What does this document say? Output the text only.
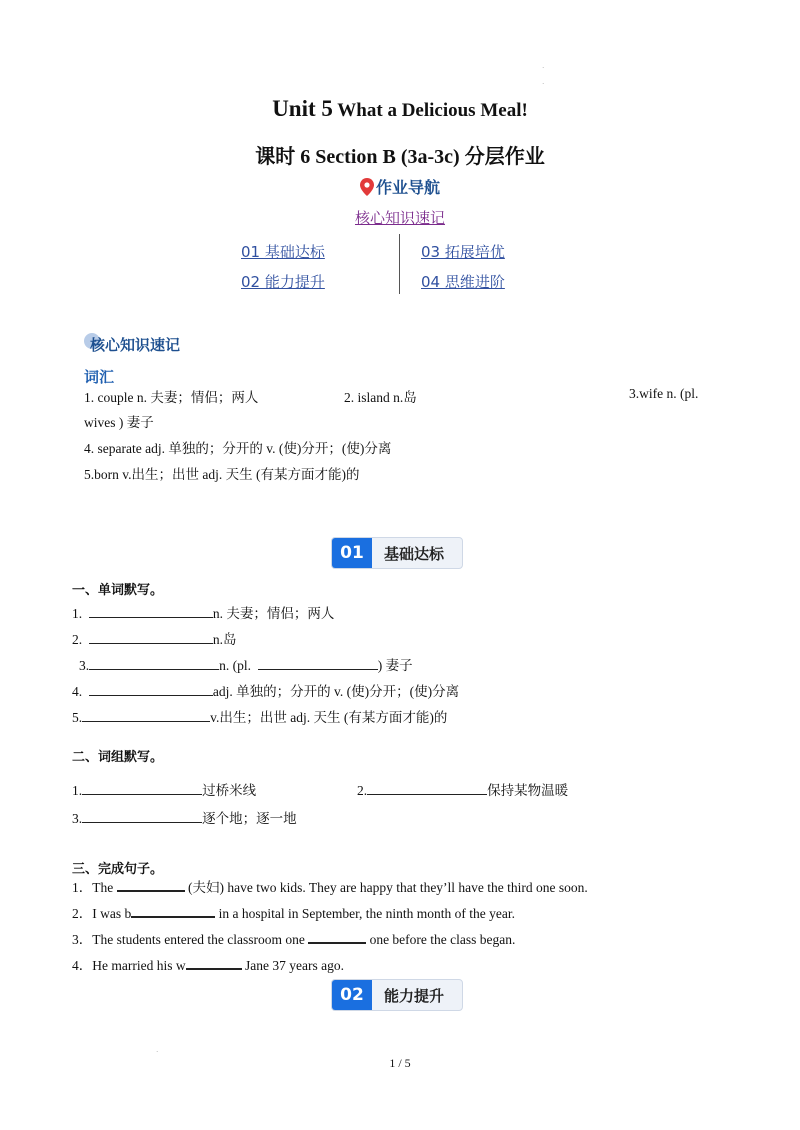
·
·
Unit 5 What a Delicious Meal!
课时 6 Section B (3a-3c) 分层作业
作业导航
核心知识速记
01 基础达标	03 拓展培优
02 能力提升	04 思维进阶
核心知识速记
词汇
1. couple n. 夫妻；情侣；两人	2. island n.岛	3.wife n. (pl.
wives ) 妻子
4. separate adj. 单独的；分开的 v. (使)分开；(使)分离
5.born v.出生；出世 adj. 天生 (有某方面才能)的
01	基础达标
一、单词默写。
1.	n. 夫妻；情侣；两人
2.	n.岛
3.	n. (pl.	) 妻子
4.	adj. 单独的；分开的 v. (使)分开；(使)分离
5.	v.出生；出世 adj. 天生 (有某方面才能)的
二、词组默写。
1.	过桥米线	2.	保持某物温暖
3.	逐个地；逐一地
三、完成句子。
1．The	(夫妇) have two kids. They are happy that they’ll have the third one soon.
2．I was b	in a hospital in September, the ninth month of the year.
3．The students entered the classroom one	one before the class began.
4．He married his w	Jane 37 years ago.
02	能力提升
·
1 / 5
